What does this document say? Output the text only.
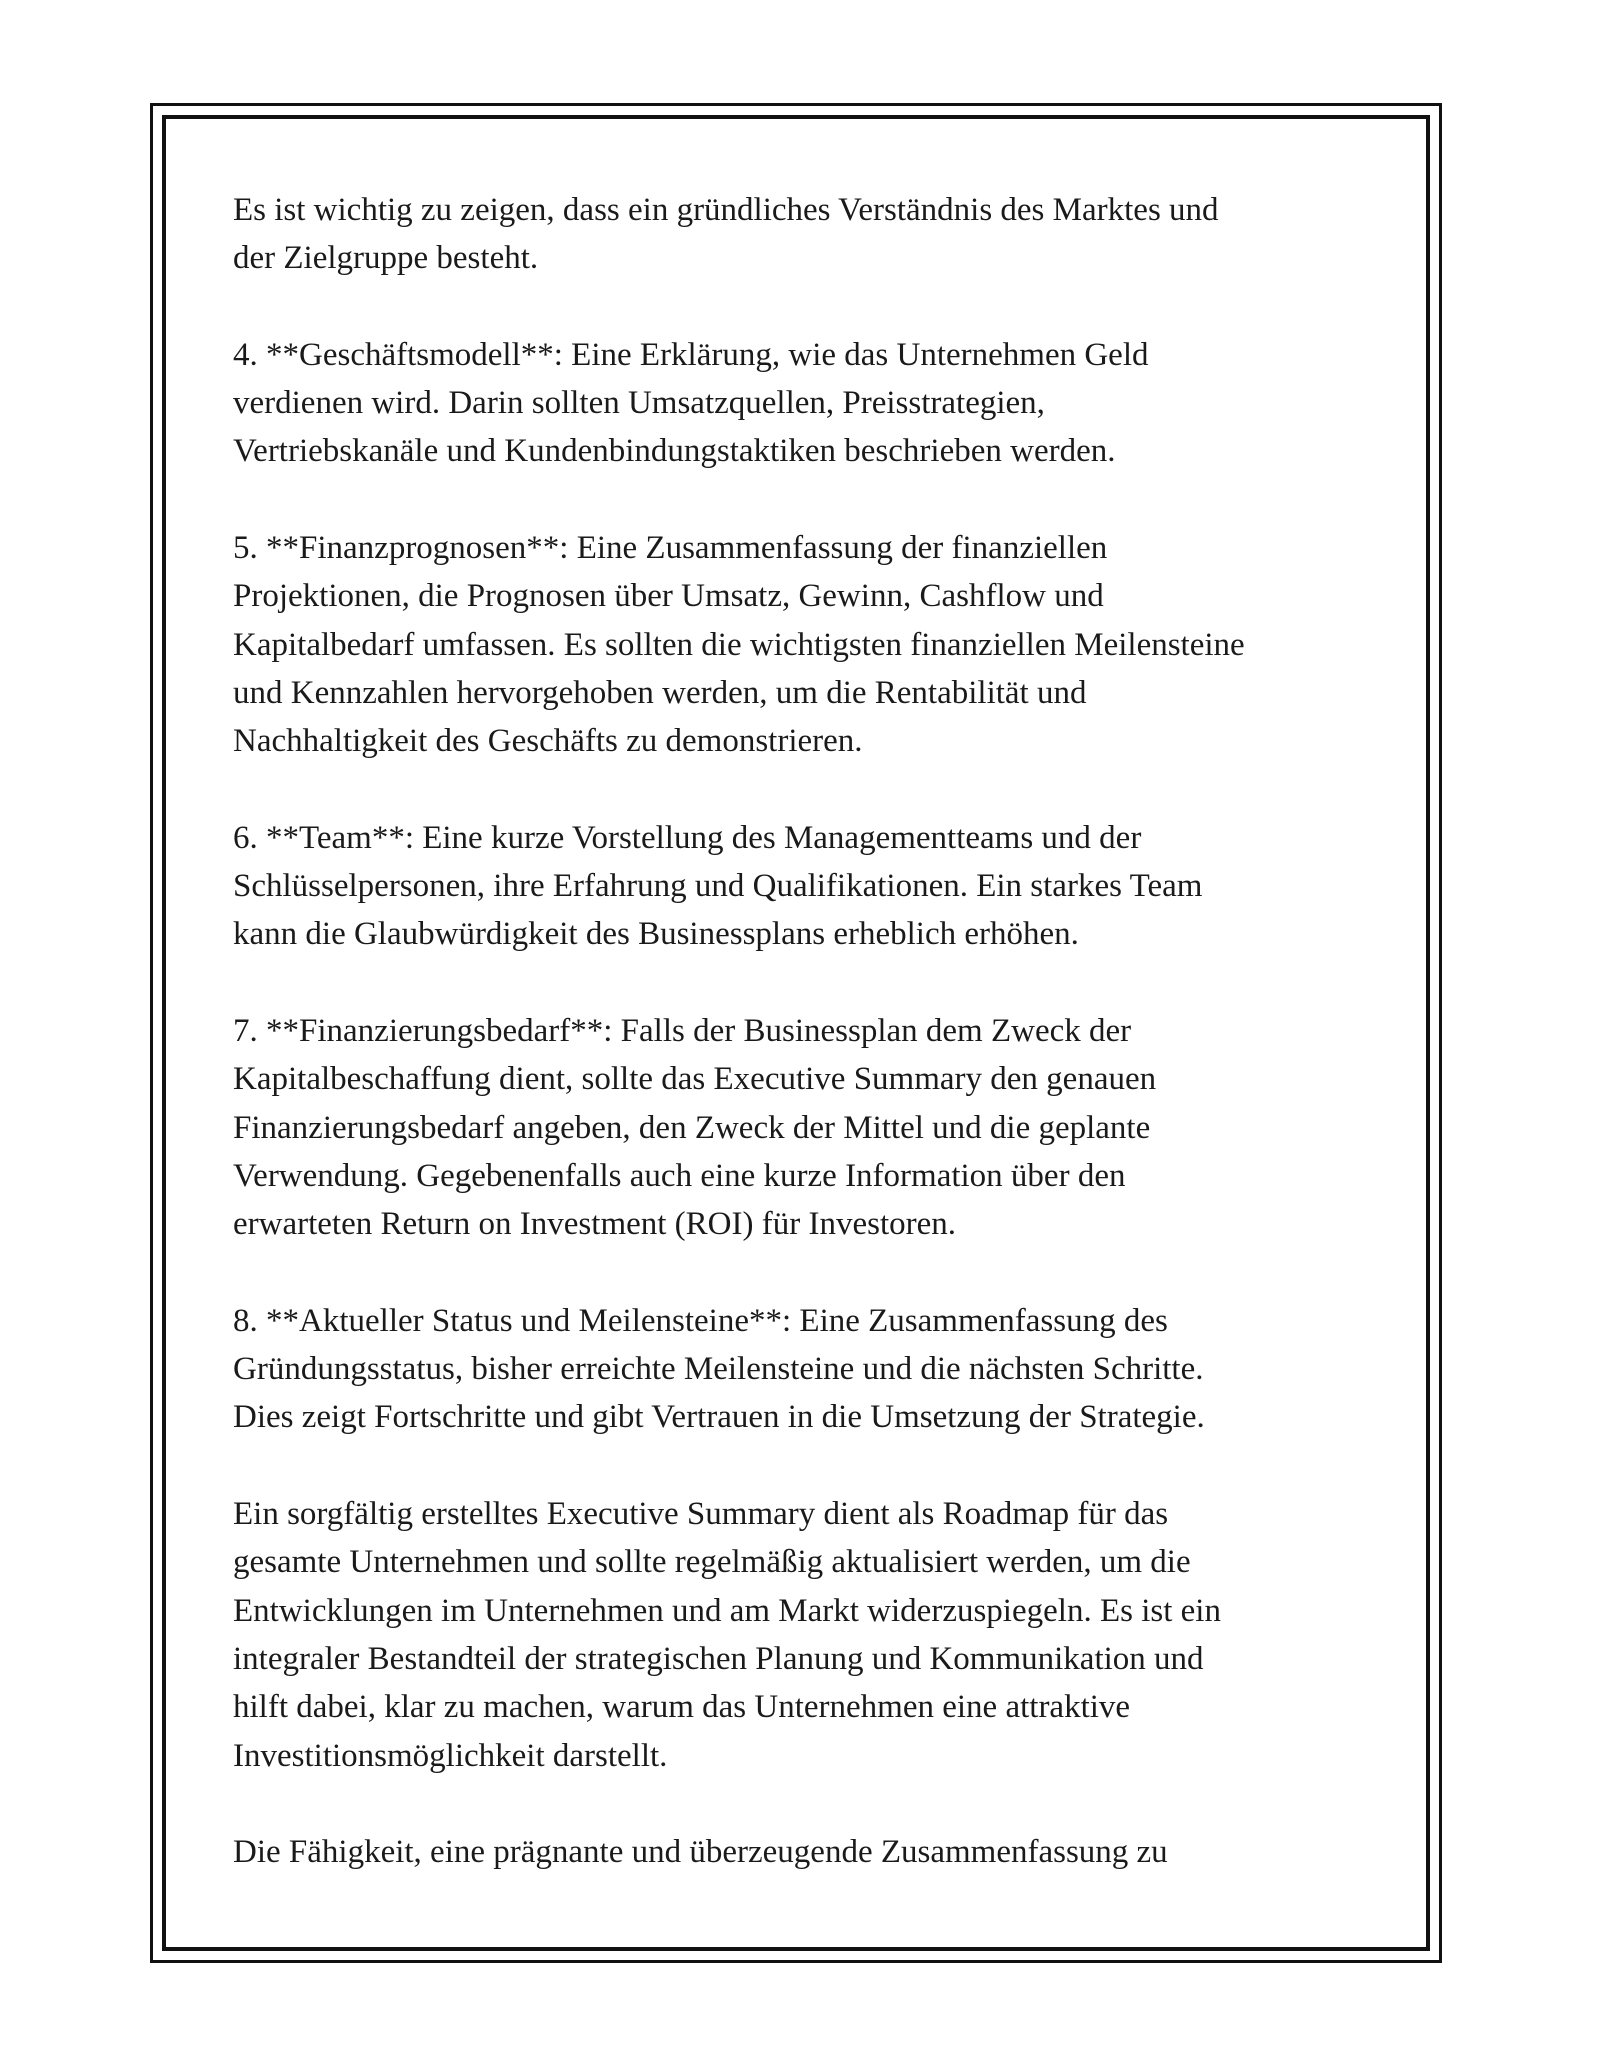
Es ist wichtig zu zeigen, dass ein gründliches Verständnis des Marktes und
der Zielgruppe besteht.

4. **Geschäftsmodell**: Eine Erklärung, wie das Unternehmen Geld
verdienen wird. Darin sollten Umsatzquellen, Preisstrategien,
Vertriebskanäle und Kundenbindungstaktiken beschrieben werden.

5. **Finanzprognosen**: Eine Zusammenfassung der finanziellen
Projektionen, die Prognosen über Umsatz, Gewinn, Cashflow und
Kapitalbedarf umfassen. Es sollten die wichtigsten finanziellen Meilensteine
und Kennzahlen hervorgehoben werden, um die Rentabilität und
Nachhaltigkeit des Geschäfts zu demonstrieren.

6. **Team**: Eine kurze Vorstellung des Managementteams und der
Schlüsselpersonen, ihre Erfahrung und Qualifikationen. Ein starkes Team
kann die Glaubwürdigkeit des Businessplans erheblich erhöhen.

7. **Finanzierungsbedarf**: Falls der Businessplan dem Zweck der
Kapitalbeschaffung dient, sollte das Executive Summary den genauen
Finanzierungsbedarf angeben, den Zweck der Mittel und die geplante
Verwendung. Gegebenenfalls auch eine kurze Information über den
erwarteten Return on Investment (ROI) für Investoren.

8. **Aktueller Status und Meilensteine**: Eine Zusammenfassung des
Gründungsstatus, bisher erreichte Meilensteine und die nächsten Schritte.
Dies zeigt Fortschritte und gibt Vertrauen in die Umsetzung der Strategie.

Ein sorgfältig erstelltes Executive Summary dient als Roadmap für das
gesamte Unternehmen und sollte regelmäßig aktualisiert werden, um die
Entwicklungen im Unternehmen und am Markt widerzuspiegeln. Es ist ein
integraler Bestandteil der strategischen Planung und Kommunikation und
hilft dabei, klar zu machen, warum das Unternehmen eine attraktive
Investitionsmöglichkeit darstellt.

Die Fähigkeit, eine prägnante und überzeugende Zusammenfassung zu
